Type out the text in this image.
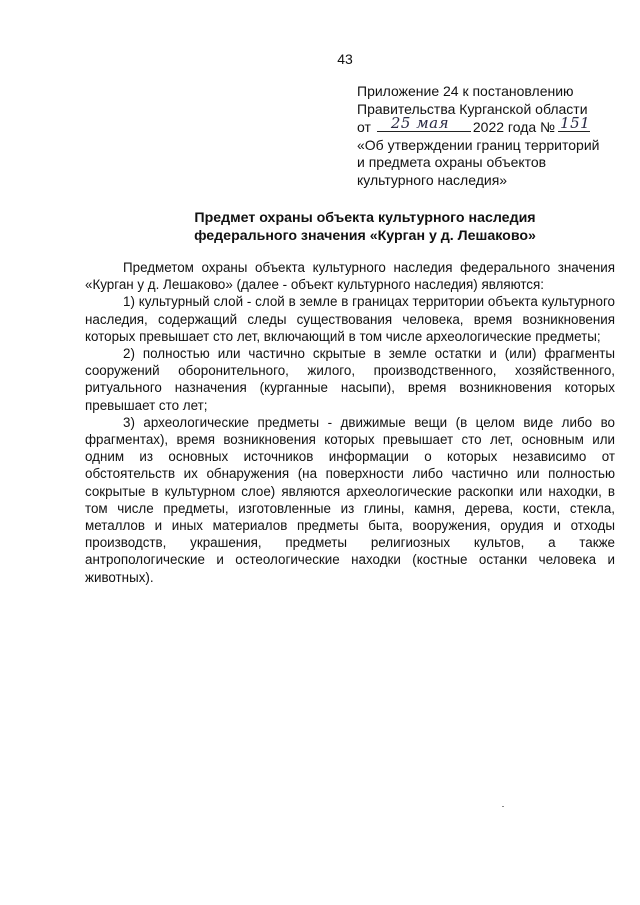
43
Приложение 24 к постановлению
Правительства Курганской области
от 25 мая 2022 года № 151
«Об утверждении границ территорий
и предмета охраны объектов
культурного наследия»
Предмет охраны объекта культурного наследия
федерального значения «Курган у д. Лешаково»

Предметом охраны объекта культурного наследия федерального значения «Курган у д. Лешаково» (далее - объект культурного наследия) являются:

1) культурный слой - слой в земле в границах территории объекта культурного наследия, содержащий следы существования человека, время возникновения которых превышает сто лет, включающий в том числе археологические предметы;

2) полностью или частично скрытые в земле остатки и (или) фрагменты сооружений оборонительного, жилого, производственного, хозяйственного, ритуального назначения (курганные насыпи), время возникновения которых превышает сто лет;

3) археологические предметы - движимые вещи (в целом виде либо во фрагментах), время возникновения которых превышает сто лет, основным или одним из основных источников информации о которых независимо от обстоятельств их обнаружения (на поверхности либо частично или полностью сокрытые в культурном слое) являются археологические раскопки или находки, в том числе предметы, изготовленные из глины, камня, дерева, кости, стекла, металлов и иных материалов предметы быта, вооружения, орудия и отходы производств, украшения, предметы религиозных культов, а также антропологические и остеологические находки (костные останки человека и животных).
